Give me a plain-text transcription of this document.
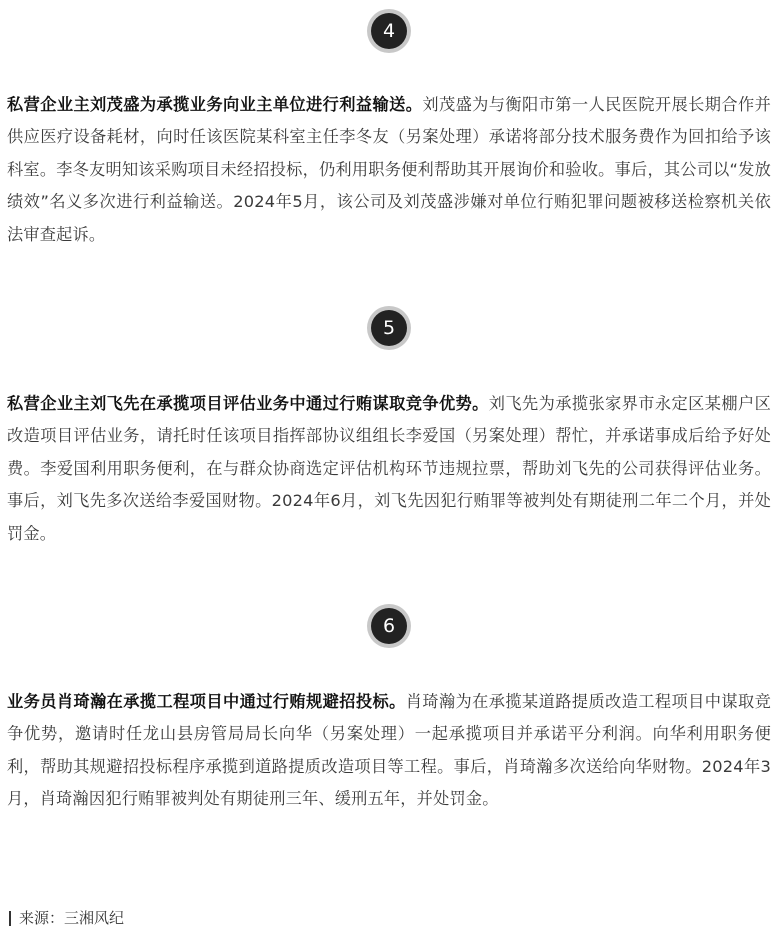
4

私营企业主刘茂盛为承揽业务向业主单位进行利益输送。刘茂盛为与衡阳市第一人民医院开展长期合作并供应医疗设备耗材，向时任该医院某科室主任李冬友（另案处理）承诺将部分技术服务费作为回扣给予该科室。李冬友明知该采购项目未经招投标，仍利用职务便利帮助其开展询价和验收。事后，其公司以“发放绩效”名义多次进行利益输送。2024年5月，该公司及刘茂盛涉嫌对单位行贿犯罪问题被移送检察机关依法审查起诉。

5

私营企业主刘飞先在承揽项目评估业务中通过行贿谋取竞争优势。刘飞先为承揽张家界市永定区某棚户区改造项目评估业务，请托时任该项目指挥部协议组组长李爱国（另案处理）帮忙，并承诺事成后给予好处费。李爱国利用职务便利，在与群众协商选定评估机构环节违规拉票，帮助刘飞先的公司获得评估业务。事后，刘飞先多次送给李爱国财物。2024年6月，刘飞先因犯行贿罪等被判处有期徒刑二年二个月，并处罚金。

6

业务员肖琦瀚在承揽工程项目中通过行贿规避招投标。肖琦瀚为在承揽某道路提质改造工程项目中谋取竞争优势，邀请时任龙山县房管局局长向华（另案处理）一起承揽项目并承诺平分利润。向华利用职务便利，帮助其规避招投标程序承揽到道路提质改造项目等工程。事后，肖琦瀚多次送给向华财物。2024年3月，肖琦瀚因犯行贿罪被判处有期徒刑三年、缓刑五年，并处罚金。

来源：三湘风纪
